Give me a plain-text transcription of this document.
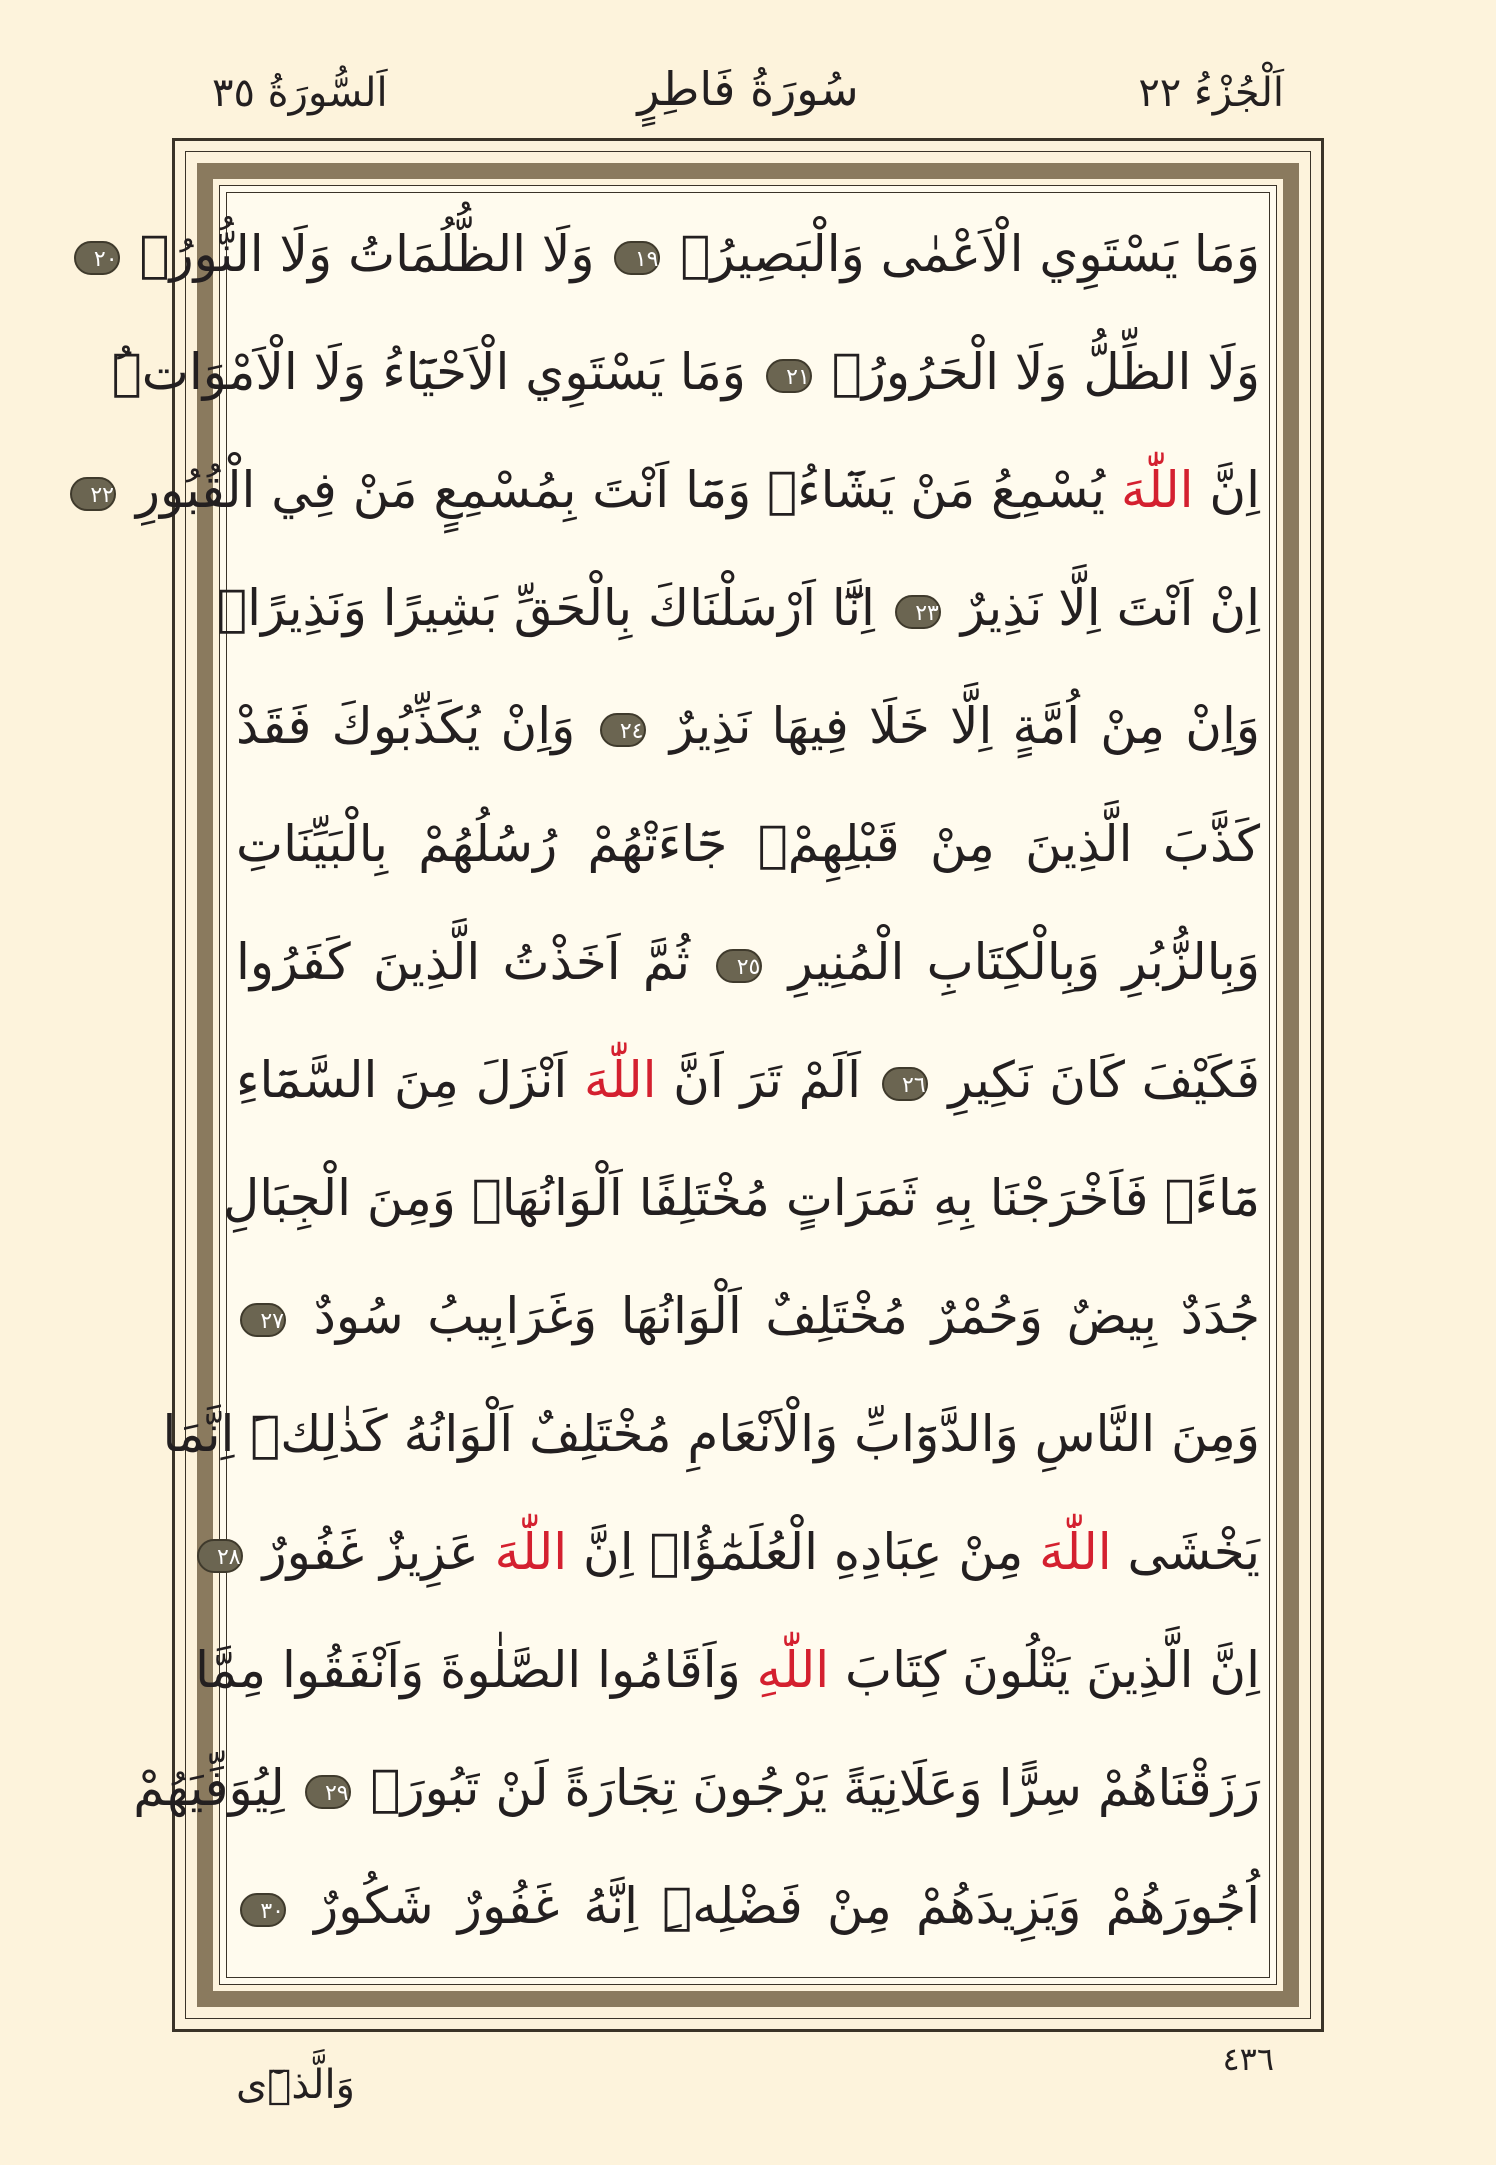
اَلْجُزْءُ ٢٢
سُورَةُ فَاطِرٍ
اَلسُّورَةُ ٣٥
وَمَا يَسْتَوِي الْاَعْمٰى وَالْبَصِيرُۙ ١٩ وَلَا الظُّلُمَاتُ وَلَا النُّورُۙ ٢٠
وَلَا الظِّلُّ وَلَا الْحَرُورُۚ ٢١ وَمَا يَسْتَوِي الْاَحْيَٓاءُ وَلَا الْاَمْوَاتُۜ
اِنَّ اللّٰهَ يُسْمِعُ مَنْ يَشَٓاءُۚ وَمَٓا اَنْتَ بِمُسْمِعٍ مَنْ فِي الْقُبُورِ ٢٢
اِنْ اَنْتَ اِلَّا نَذِيرٌ ٢٣ اِنَّٓا اَرْسَلْنَاكَ بِالْحَقِّ بَشِيرًا وَنَذِيرًاۜ
وَاِنْ مِنْ اُمَّةٍ اِلَّا خَلَا فِيهَا نَذِيرٌ ٢٤ وَاِنْ يُكَذِّبُوكَ فَقَدْ
كَذَّبَ الَّذِينَ مِنْ قَبْلِهِمْۚ جَٓاءَتْهُمْ رُسُلُهُمْ بِالْبَيِّنَاتِ
وَبِالزُّبُرِ وَبِالْكِتَابِ الْمُنِيرِ ٢٥ ثُمَّ اَخَذْتُ الَّذِينَ كَفَرُوا
فَكَيْفَ كَانَ نَكِيرِ ٢٦ اَلَمْ تَرَ اَنَّ اللّٰهَ اَنْزَلَ مِنَ السَّمَٓاءِ
مَٓاءًۚ فَاَخْرَجْنَا بِهِ ثَمَرَاتٍ مُخْتَلِفًا اَلْوَانُهَاۜ وَمِنَ الْجِبَالِ
جُدَدٌ بِيضٌ وَحُمْرٌ مُخْتَلِفٌ اَلْوَانُهَا وَغَرَابِيبُ سُودٌ ٢٧
وَمِنَ النَّاسِ وَالدَّوَٓابِّ وَالْاَنْعَامِ مُخْتَلِفٌ اَلْوَانُهُ كَذٰلِكَۜ اِنَّمَا
يَخْشَى اللّٰهَ مِنْ عِبَادِهِ الْعُلَمٰٓؤُاۜ اِنَّ اللّٰهَ عَزِيزٌ غَفُورٌ ٢٨
اِنَّ الَّذِينَ يَتْلُونَ كِتَابَ اللّٰهِ وَاَقَامُوا الصَّلٰوةَ وَاَنْفَقُوا مِمَّا
رَزَقْنَاهُمْ سِرًّا وَعَلَانِيَةً يَرْجُونَ تِجَارَةً لَنْ تَبُورَۙ ٢٩ لِيُوَفِّيَهُمْ
اُجُورَهُمْ وَيَزِيدَهُمْ مِنْ فَضْلِهِۜ اِنَّهُ غَفُورٌ شَكُورٌ ٣٠
٤٣٦
وَالَّذٖٓى
